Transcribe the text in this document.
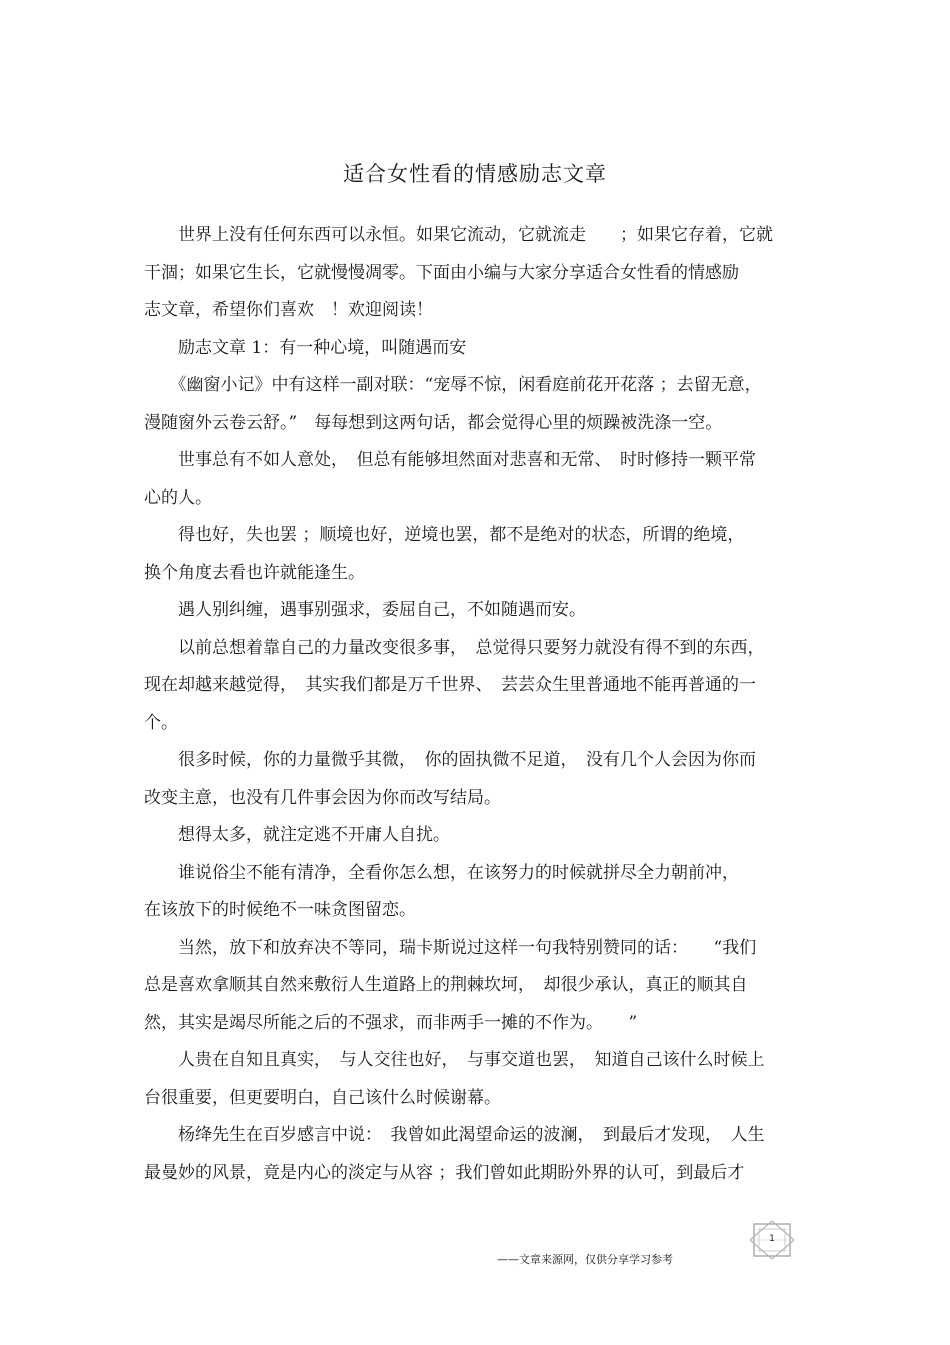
适合女性看的情感励志文章
　　世界上没有任何东西可以永恒。如果它流动，它就流走　　；如果它存着，它就
干涸；如果它生长，它就慢慢凋零。下面由小编与大家分享适合女性看的情感励
志文章，希望你们喜欢　！欢迎阅读！
　　励志文章 1：有一种心境，叫随遇而安
　　《幽窗小记》中有这样一副对联：“宠辱不惊，闲看庭前花开花落 ；去留无意，
漫随窗外云卷云舒。”　每每想到这两句话，都会觉得心里的烦躁被洗涤一空。
　　世事总有不如人意处，　但总有能够坦然面对悲喜和无常、　时时修持一颗平常
心的人。
　　得也好，失也罢 ；顺境也好，逆境也罢，都不是绝对的状态，所谓的绝境，
换个角度去看也许就能逢生。
　　遇人别纠缠，遇事别强求，委屈自己，不如随遇而安。
　　以前总想着靠自己的力量改变很多事，　总觉得只要努力就没有得不到的东西，
现在却越来越觉得，　其实我们都是万千世界、　芸芸众生里普通地不能再普通的一
个。
　　很多时候，你的力量微乎其微，　你的固执微不足道，　没有几个人会因为你而
改变主意，也没有几件事会因为你而改写结局。
　　想得太多，就注定逃不开庸人自扰。
　　谁说俗尘不能有清净，全看你怎么想，在该努力的时候就拼尽全力朝前冲，
在该放下的时候绝不一味贪图留恋。
　　当然，放下和放弃决不等同，瑞卡斯说过这样一句我特别赞同的话：　　“我们
总是喜欢拿顺其自然来敷衍人生道路上的荆棘坎坷，　却很少承认，真正的顺其自
然，其实是竭尽所能之后的不强求，而非两手一摊的不作为。　　”
　　人贵在自知且真实，　与人交往也好，　与事交道也罢，　知道自己该什么时候上
台很重要，但更要明白，自己该什么时候谢幕。
　　杨绛先生在百岁感言中说：　我曾如此渴望命运的波澜，　到最后才发现，　人生
最曼妙的风景，竟是内心的淡定与从容 ；我们曾如此期盼外界的认可，到最后才
——文章来源网，仅供分享学习参考
1
